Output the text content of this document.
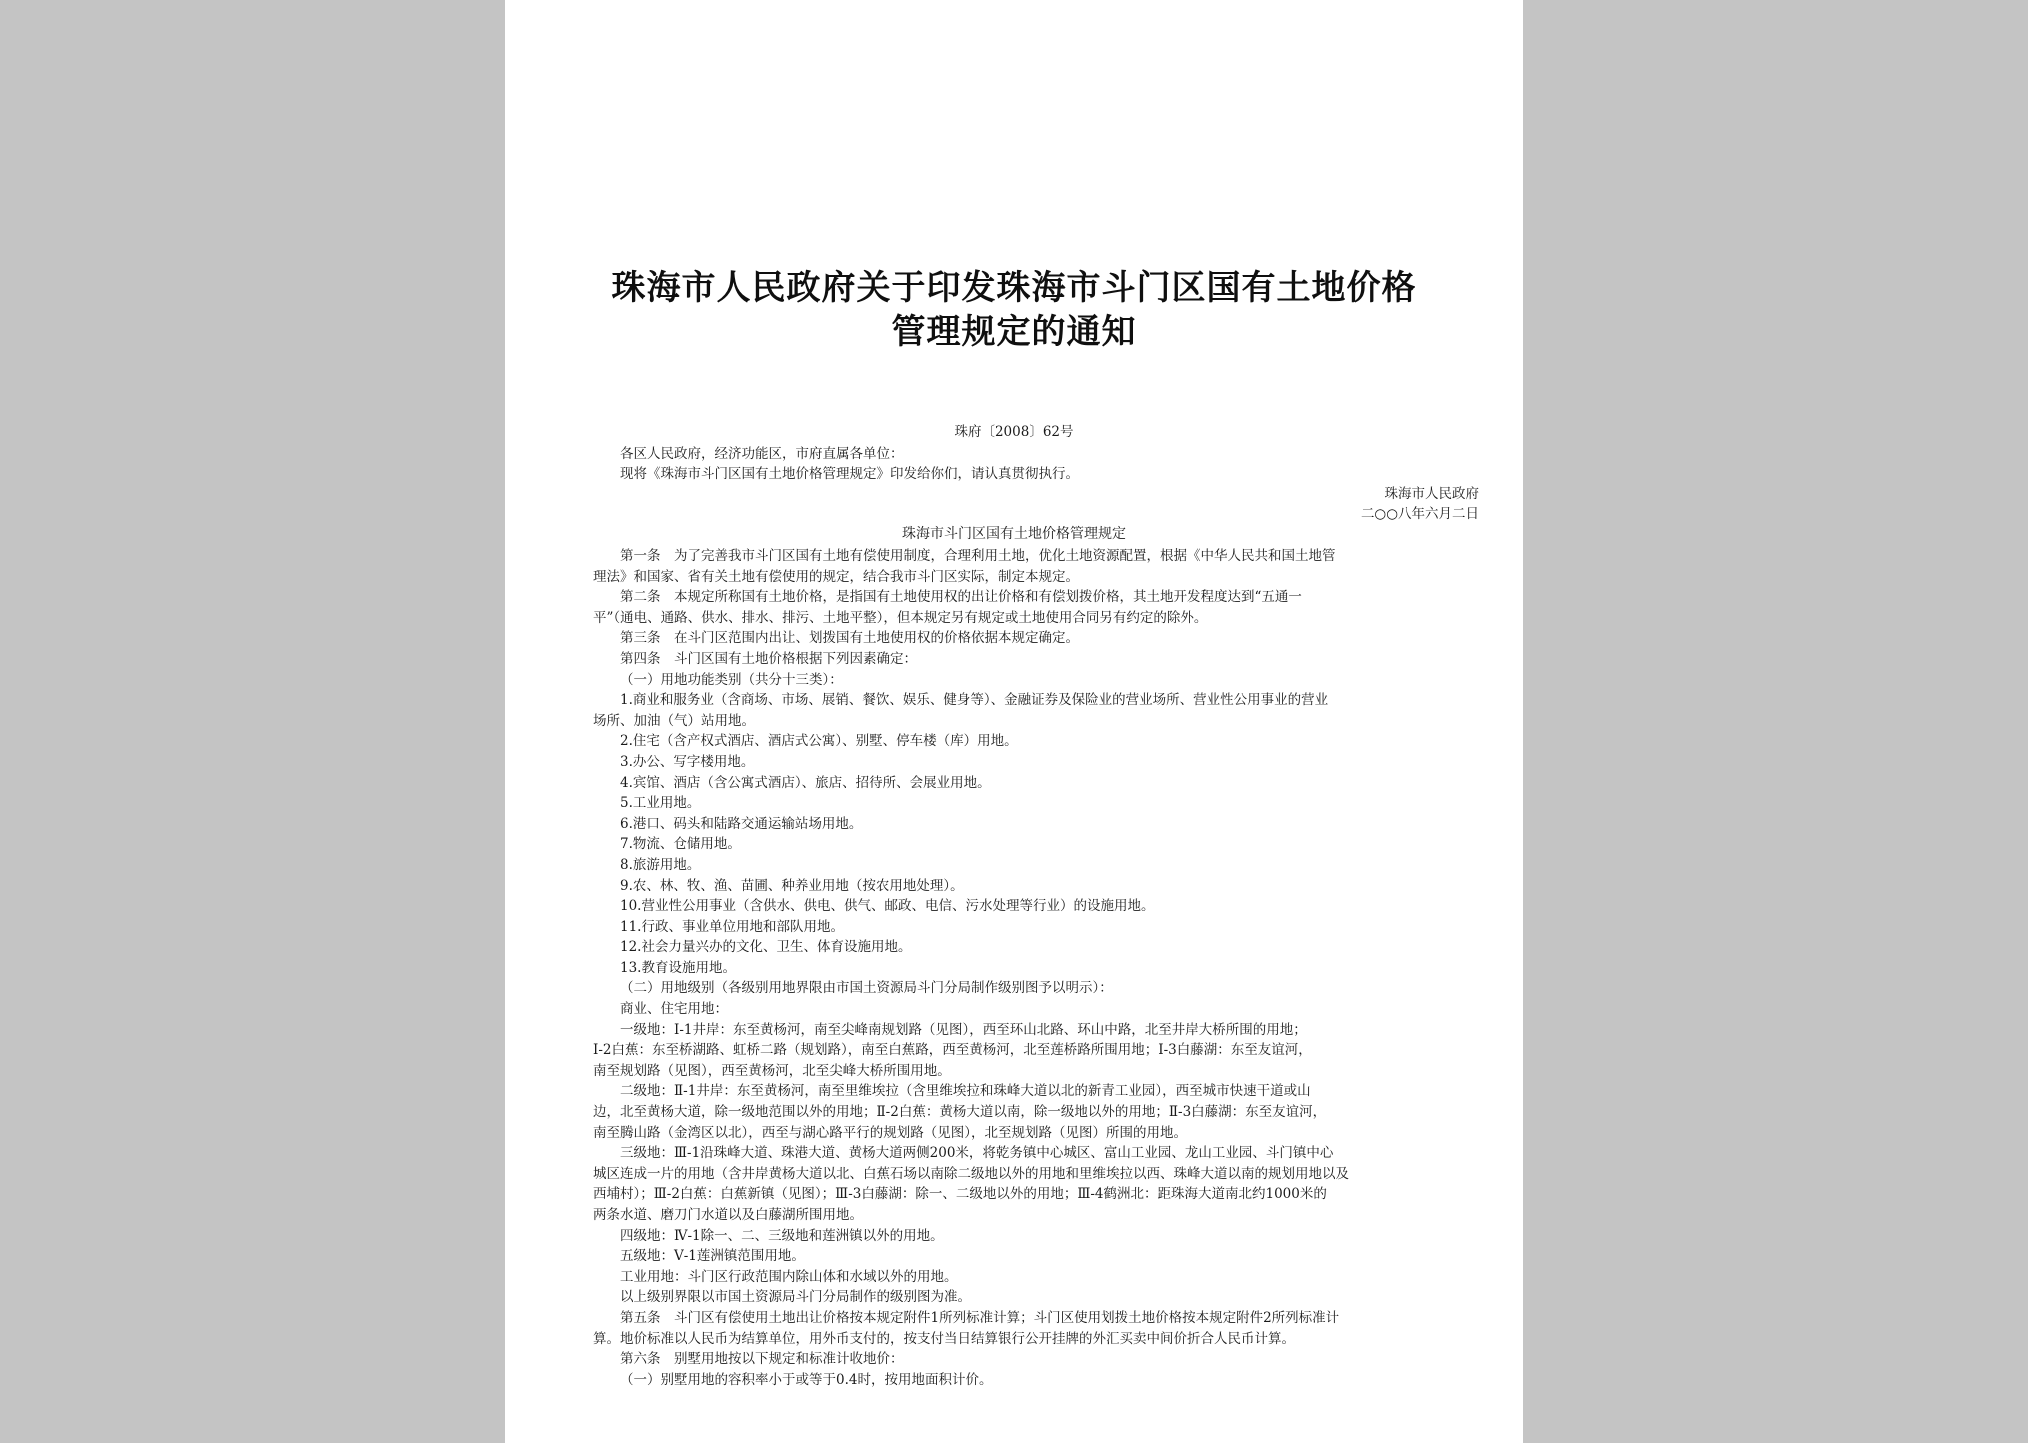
珠海市人民政府关于印发珠海市斗门区国有土地价格
管理规定的通知
珠府〔2008〕62号
各区人民政府，经济功能区，市府直属各单位：
现将《珠海市斗门区国有土地价格管理规定》印发给你们，请认真贯彻执行。
珠海市人民政府
二○○八年六月二日
珠海市斗门区国有土地价格管理规定
第一条　为了完善我市斗门区国有土地有偿使用制度，合理利用土地，优化土地资源配置，根据《中华人民共和国土地管
理法》和国家、省有关土地有偿使用的规定，结合我市斗门区实际，制定本规定。
第二条　本规定所称国有土地价格，是指国有土地使用权的出让价格和有偿划拨价格，其土地开发程度达到“五通一
平”（通电、通路、供水、排水、排污、土地平整），但本规定另有规定或土地使用合同另有约定的除外。
第三条　在斗门区范围内出让、划拨国有土地使用权的价格依据本规定确定。
第四条　斗门区国有土地价格根据下列因素确定：
（一）用地功能类别（共分十三类）：
1.商业和服务业（含商场、市场、展销、餐饮、娱乐、健身等）、金融证券及保险业的营业场所、营业性公用事业的营业
场所、加油（气）站用地。
2.住宅（含产权式酒店、酒店式公寓）、别墅、停车楼（库）用地。
3.办公、写字楼用地。
4.宾馆、酒店（含公寓式酒店）、旅店、招待所、会展业用地。
5.工业用地。
6.港口、码头和陆路交通运输站场用地。
7.物流、仓储用地。
8.旅游用地。
9.农、林、牧、渔、苗圃、种养业用地（按农用地处理）。
10.营业性公用事业（含供水、供电、供气、邮政、电信、污水处理等行业）的设施用地。
11.行政、事业单位用地和部队用地。
12.社会力量兴办的文化、卫生、体育设施用地。
13.教育设施用地。
（二）用地级别（各级别用地界限由市国土资源局斗门分局制作级别图予以明示）：
商业、住宅用地：
一级地：Ⅰ-1井岸：东至黄杨河，南至尖峰南规划路（见图），西至环山北路、环山中路，北至井岸大桥所围的用地；
Ⅰ-2白蕉：东至桥湖路、虹桥二路（规划路），南至白蕉路，西至黄杨河，北至莲桥路所围用地；Ⅰ-3白藤湖：东至友谊河，
南至规划路（见图），西至黄杨河，北至尖峰大桥所围用地。
二级地：Ⅱ-1井岸：东至黄杨河，南至里维埃拉（含里维埃拉和珠峰大道以北的新青工业园），西至城市快速干道或山
边，北至黄杨大道，除一级地范围以外的用地；Ⅱ-2白蕉：黄杨大道以南，除一级地以外的用地；Ⅱ-3白藤湖：东至友谊河，
南至腾山路（金湾区以北），西至与湖心路平行的规划路（见图），北至规划路（见图）所围的用地。
三级地：Ⅲ-1沿珠峰大道、珠港大道、黄杨大道两侧200米，将乾务镇中心城区、富山工业园、龙山工业园、斗门镇中心
城区连成一片的用地（含井岸黄杨大道以北、白蕉石场以南除二级地以外的用地和里维埃拉以西、珠峰大道以南的规划用地以及
西埔村）；Ⅲ-2白蕉：白蕉新镇（见图）；Ⅲ-3白藤湖：除一、二级地以外的用地；Ⅲ-4鹤洲北：距珠海大道南北约1000米的
两条水道、磨刀门水道以及白藤湖所围用地。
四级地：Ⅳ-1除一、二、三级地和莲洲镇以外的用地。
五级地：Ⅴ-1莲洲镇范围用地。
工业用地：斗门区行政范围内除山体和水域以外的用地。
以上级别界限以市国土资源局斗门分局制作的级别图为准。
第五条　斗门区有偿使用土地出让价格按本规定附件1所列标准计算；斗门区使用划拨土地价格按本规定附件2所列标准计
算。地价标准以人民币为结算单位，用外币支付的，按支付当日结算银行公开挂牌的外汇买卖中间价折合人民币计算。
第六条　别墅用地按以下规定和标准计收地价：
（一）别墅用地的容积率小于或等于0.4时，按用地面积计价。
